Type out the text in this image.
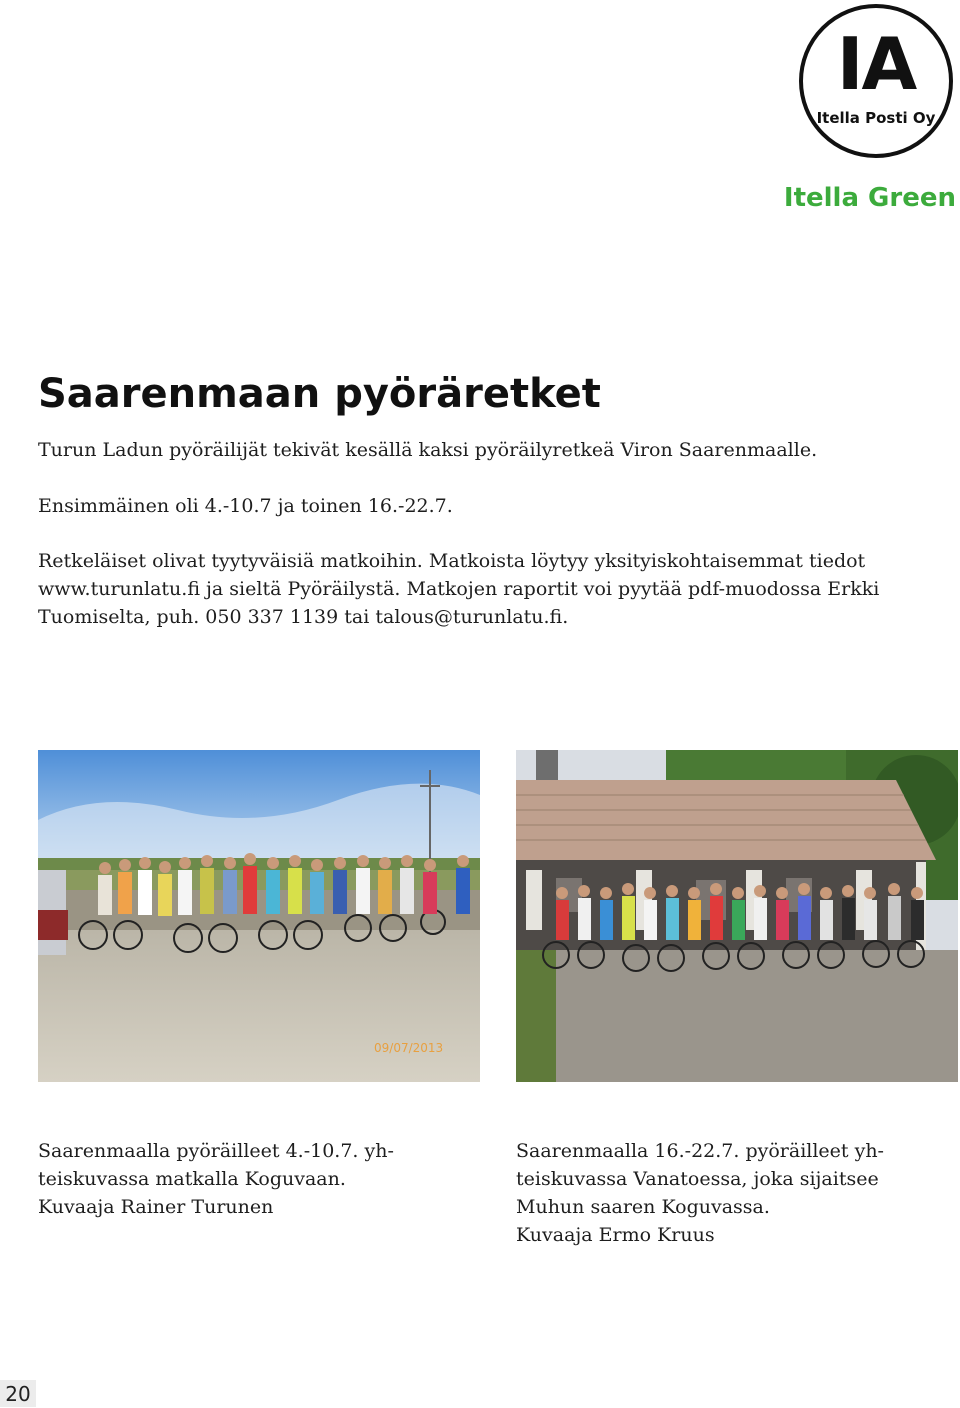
IA
Itella Posti Oy
Itella Green
Saarenmaan pyöräretket

Turun Ladun pyöräilijät tekivät kesällä kaksi pyöräilyretkeä Viron Saarenmaalle.

Ensimmäinen oli 4.-10.7 ja toinen 16.-22.7.

Retkeläiset olivat tyytyväisiä matkoihin. Matkoista löytyy yksityiskohtaisemmat tiedot www.turunlatu.fi ja sieltä Pyöräilystä. Matkojen raportit voi pyytää pdf-muodossa Erkki Tuomiselta, puh. 050 337 1139 tai talous@turunlatu.fi.

09/07/2013

Saarenmaalla pyöräilleet 4.-10.7. yh-
teiskuvassa matkalla Koguvaan.
Kuvaaja Rainer Turunen

Saarenmaalla 16.-22.7. pyöräilleet yh-
teiskuvassa Vanatoessa, joka sijaitsee
Muhun saaren Koguvassa.
Kuvaaja Ermo Kruus

20
